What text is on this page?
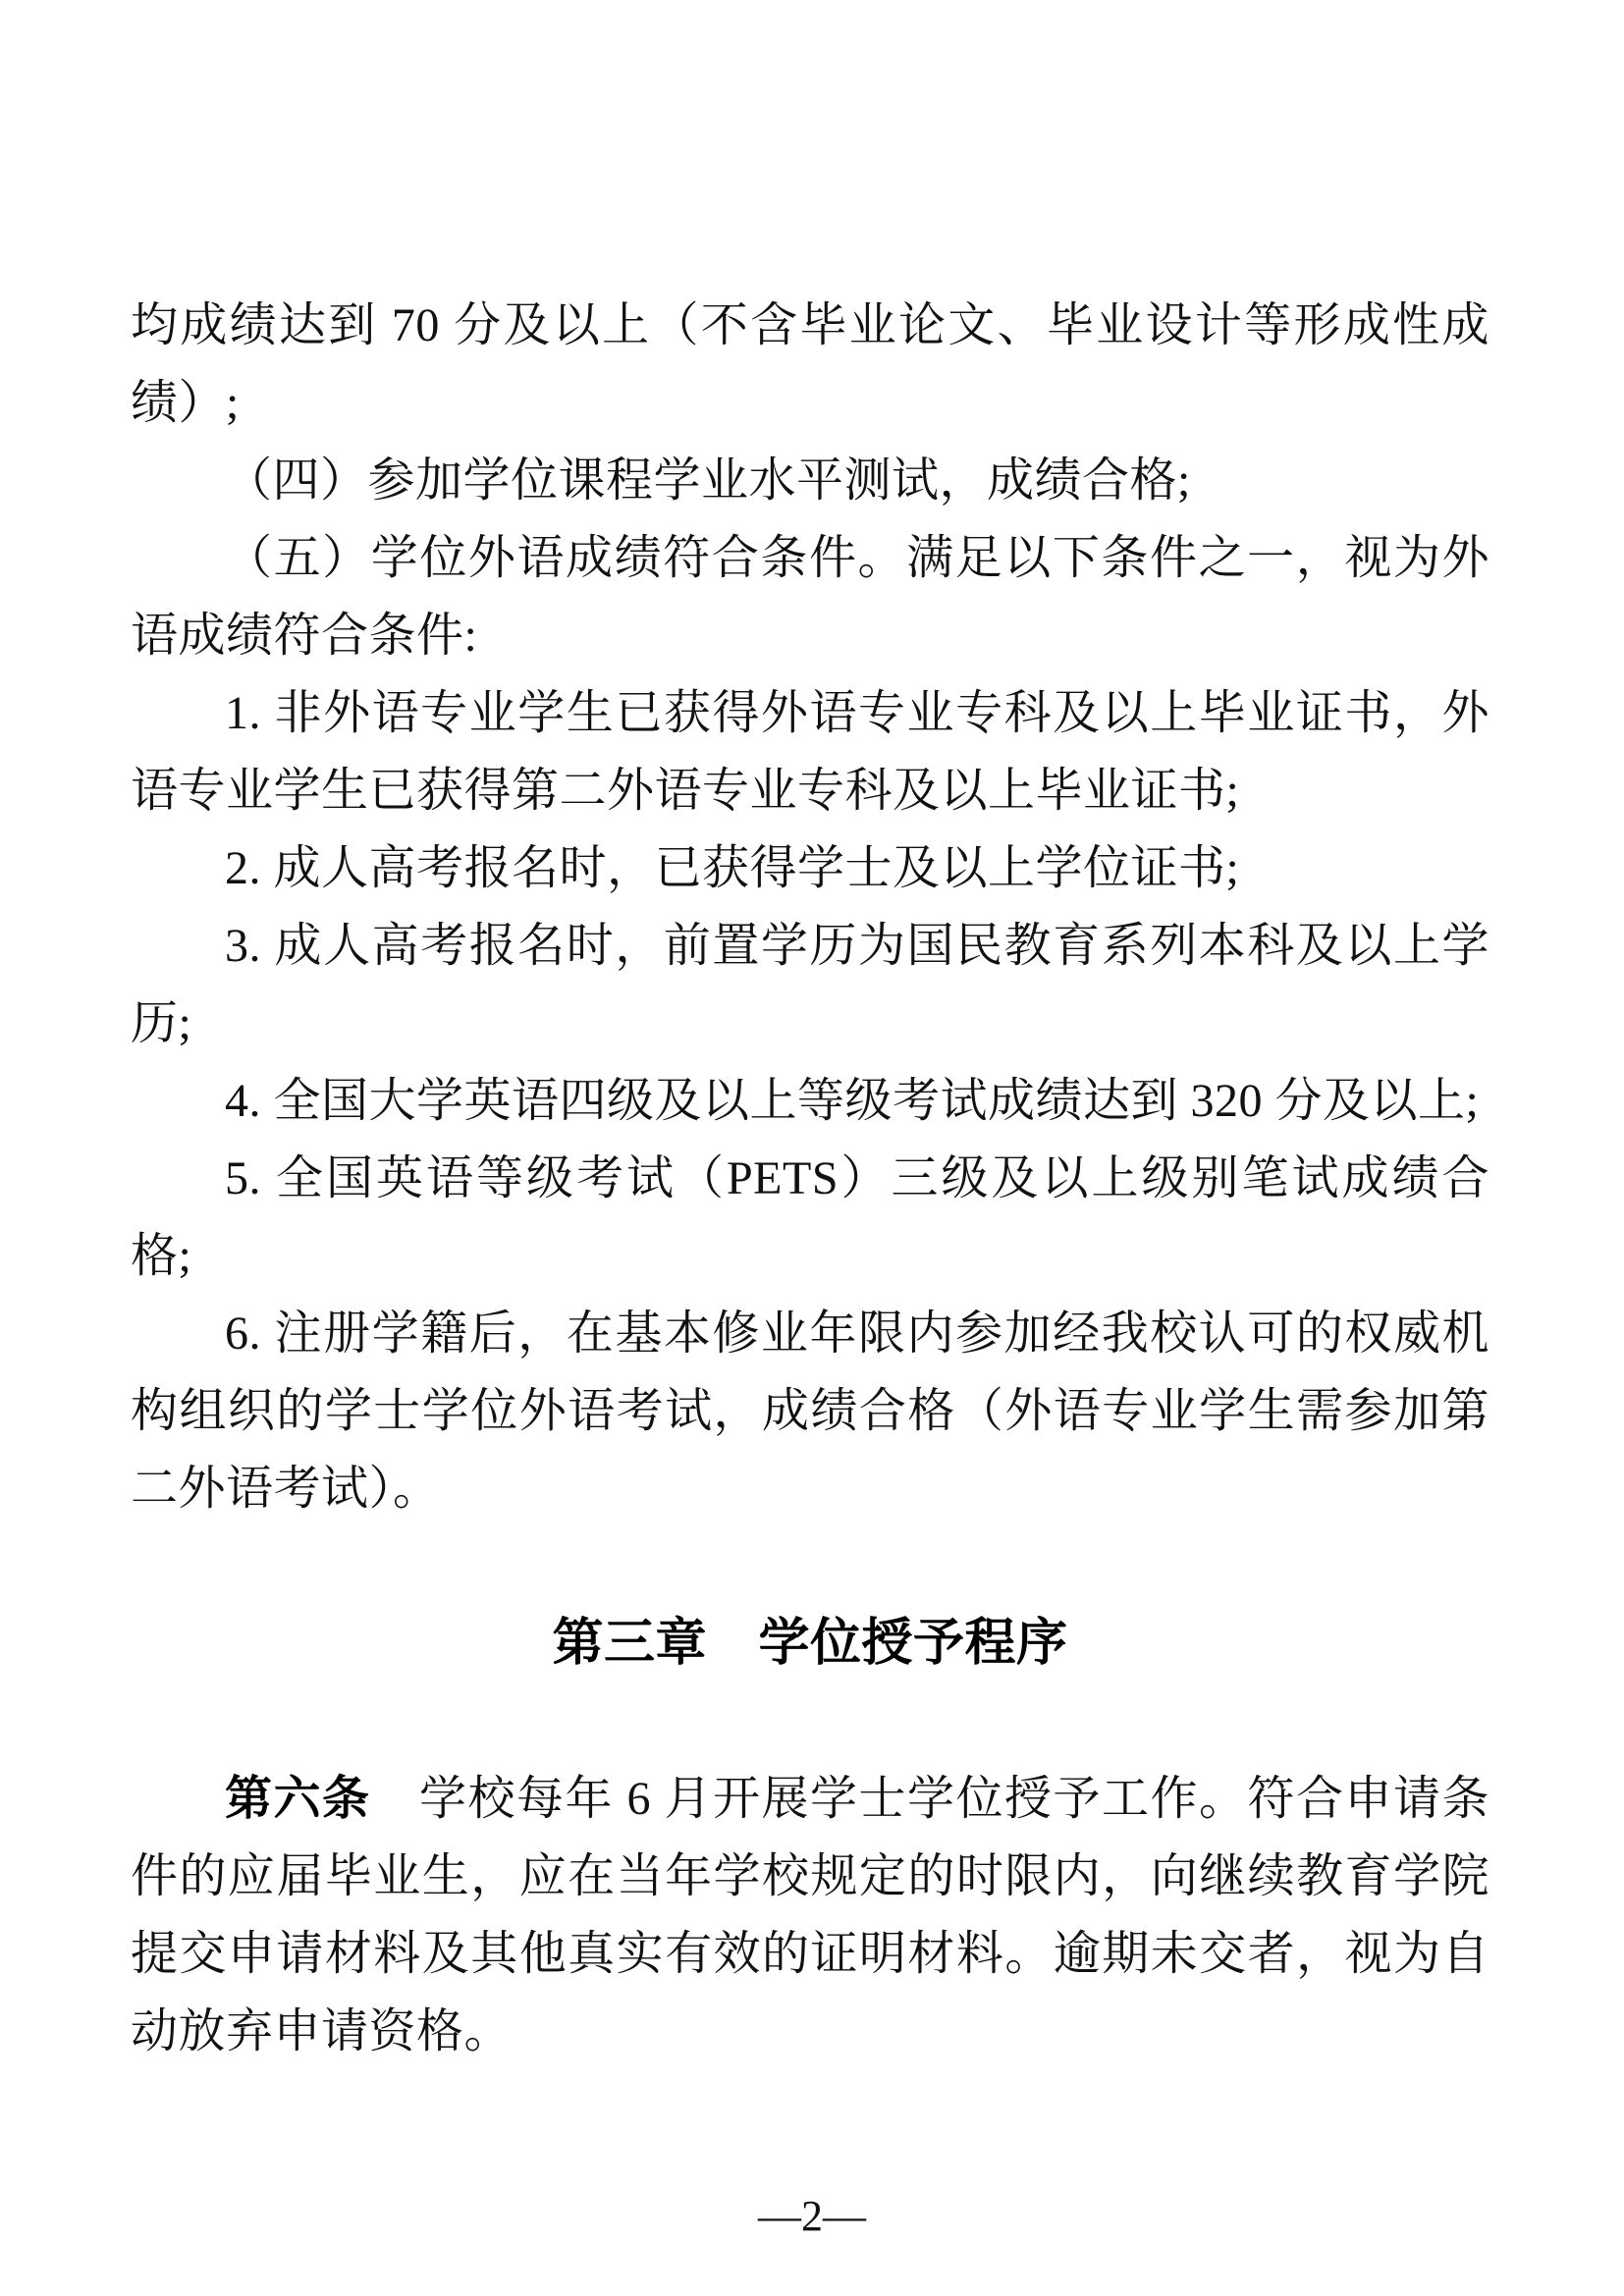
均成绩达到 70 分及以上（不含毕业论文、毕业设计等形成性成绩）;

（四）参加学位课程学业水平测试，成绩合格;

（五）学位外语成绩符合条件。满足以下条件之一，视为外语成绩符合条件:

1. 非外语专业学生已获得外语专业专科及以上毕业证书，外语专业学生已获得第二外语专业专科及以上毕业证书;

2. 成人高考报名时，已获得学士及以上学位证书;

3. 成人高考报名时，前置学历为国民教育系列本科及以上学历;

4. 全国大学英语四级及以上等级考试成绩达到 320 分及以上;

5. 全国英语等级考试（PETS）三级及以上级别笔试成绩合格;

6. 注册学籍后，在基本修业年限内参加经我校认可的权威机构组织的学士学位外语考试，成绩合格（外语专业学生需参加第二外语考试）。

第三章　学位授予程序

第六条　学校每年 6 月开展学士学位授予工作。符合申请条件的应届毕业生，应在当年学校规定的时限内，向继续教育学院提交申请材料及其他真实有效的证明材料。逾期未交者，视为自动放弃申请资格。

—2—
